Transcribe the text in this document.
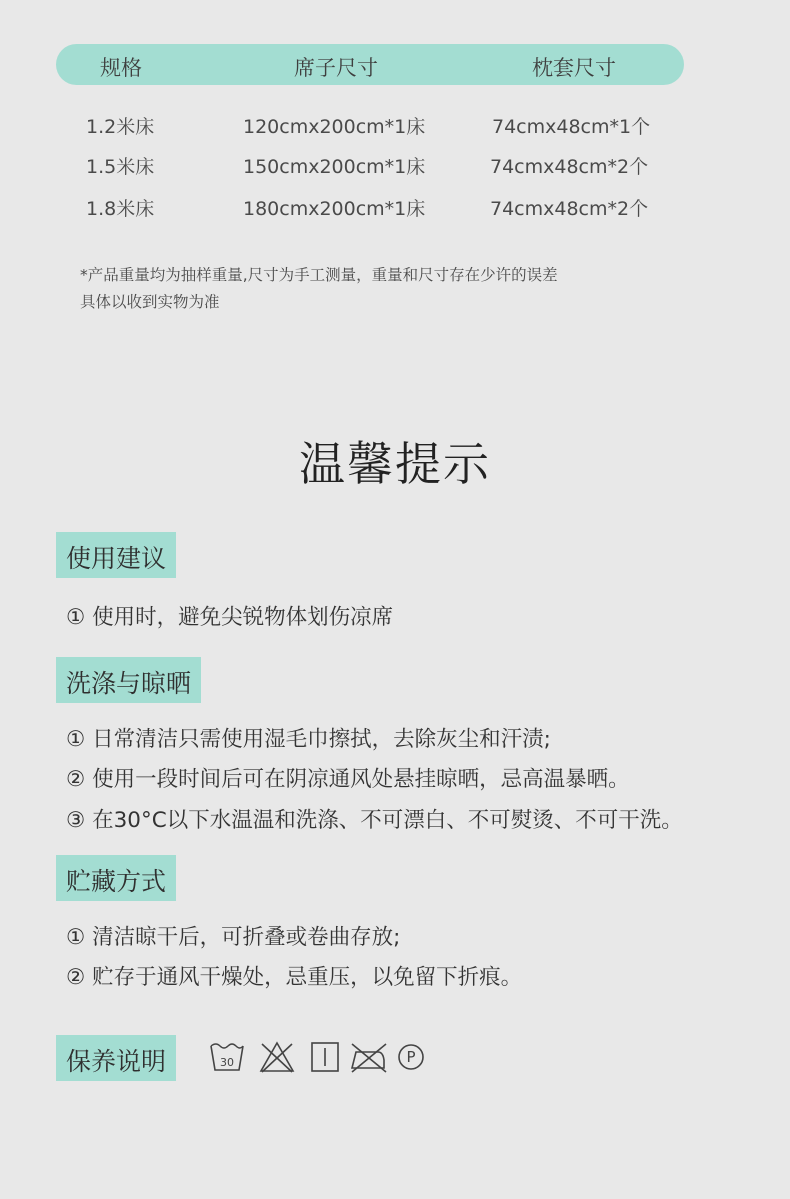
规格	席子尺寸	枕套尺寸
1.2米床	120cmx200cm*1床	74cmx48cm*1个
1.5米床	150cmx200cm*1床	74cmx48cm*2个
1.8米床	180cmx200cm*1床	74cmx48cm*2个
*产品重量均为抽样重量,尺寸为手工测量，重量和尺寸存在少许的误差
具体以收到实物为准
温馨提示
使用建议
① 使用时，避免尖锐物体划伤凉席
洗涤与晾晒
① 日常清洁只需使用湿毛巾擦拭，去除灰尘和汗渍;
② 使用一段时间后可在阴凉通风处悬挂晾晒，忌高温暴晒。
③ 在30°C以下水温温和洗涤、不可漂白、不可熨烫、不可干洗。
贮藏方式
① 清洁晾干后，可折叠或卷曲存放;
② 贮存于通风干燥处，忌重压，以免留下折痕。
保养说明	30	P
